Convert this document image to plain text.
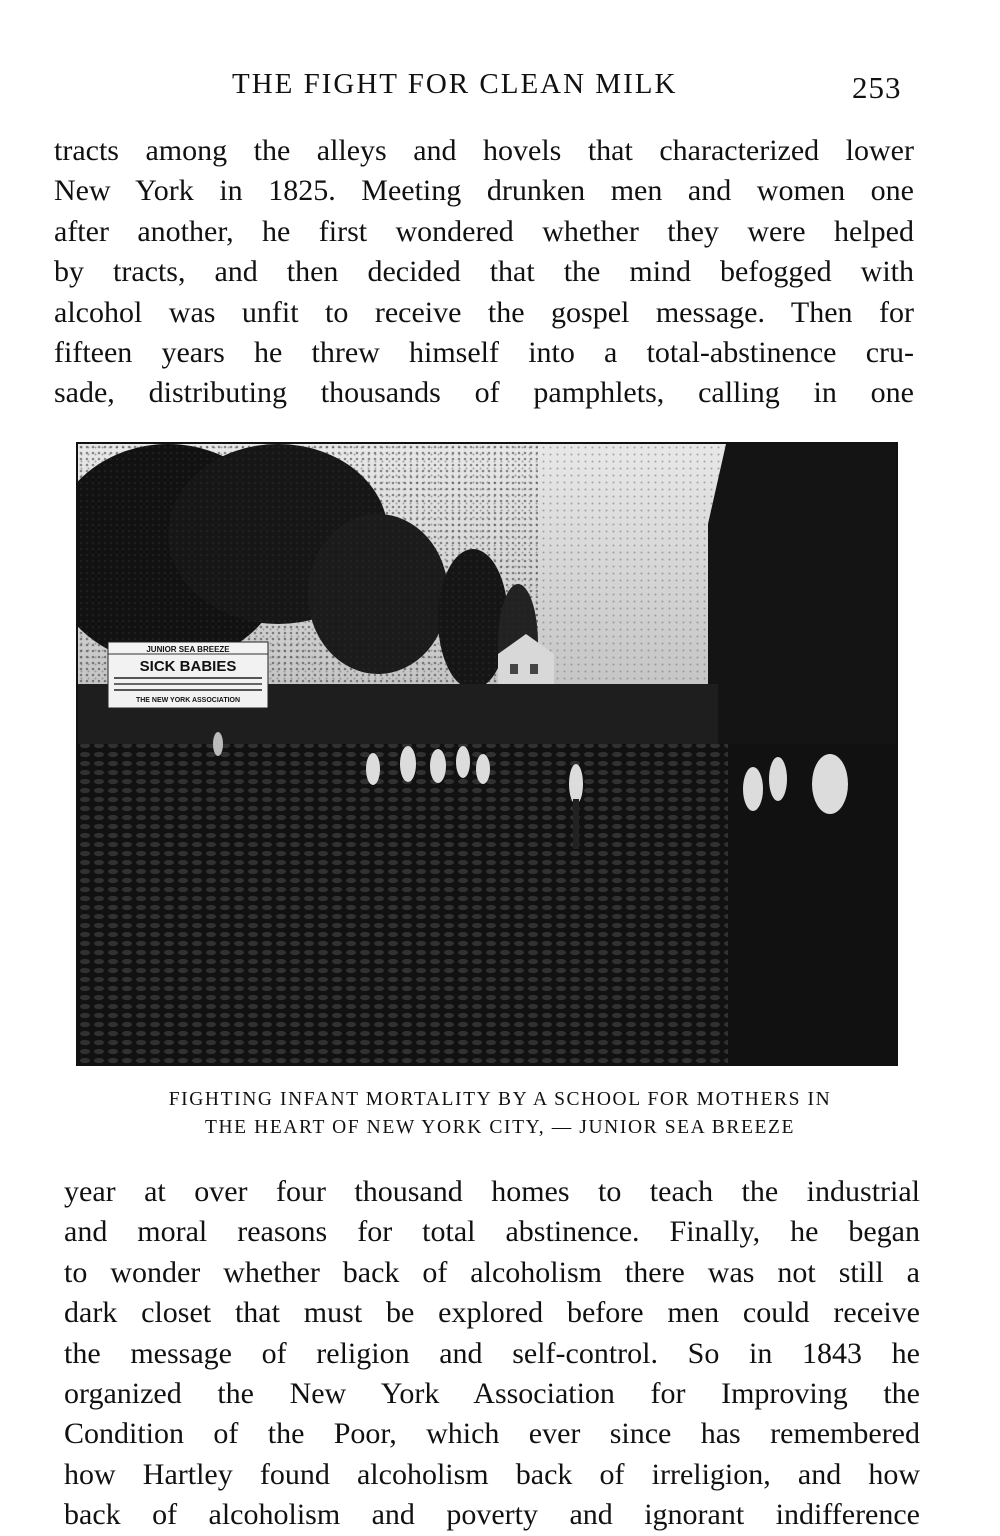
THE FIGHT FOR CLEAN MILK	253
tracts among the alleys and hovels that characterized lower
New York in 1825. Meeting drunken men and women one
after another, he first wondered whether they were helped
by tracts, and then decided that the mind befogged with
alcohol was unfit to receive the gospel message. Then for
fifteen years he threw himself into a total-abstinence cru-
sade, distributing thousands of pamphlets, calling in one
JUNIOR SEA BREEZE
SICK BABIES
THE NEW YORK ASSOCIATION
FIGHTING INFANT MORTALITY BY A SCHOOL FOR MOTHERS IN
THE HEART OF NEW YORK CITY, — JUNIOR SEA BREEZE
year at over four thousand homes to teach the industrial
and moral reasons for total abstinence. Finally, he began
to wonder whether back of alcoholism there was not still a
dark closet that must be explored before men could receive
the message of religion and self-control. So in 1843 he
organized the New York Association for Improving the
Condition of the Poor, which ever since has remembered
how Hartley found alcoholism back of irreligion, and how
back of alcoholism and poverty and ignorant indifference
